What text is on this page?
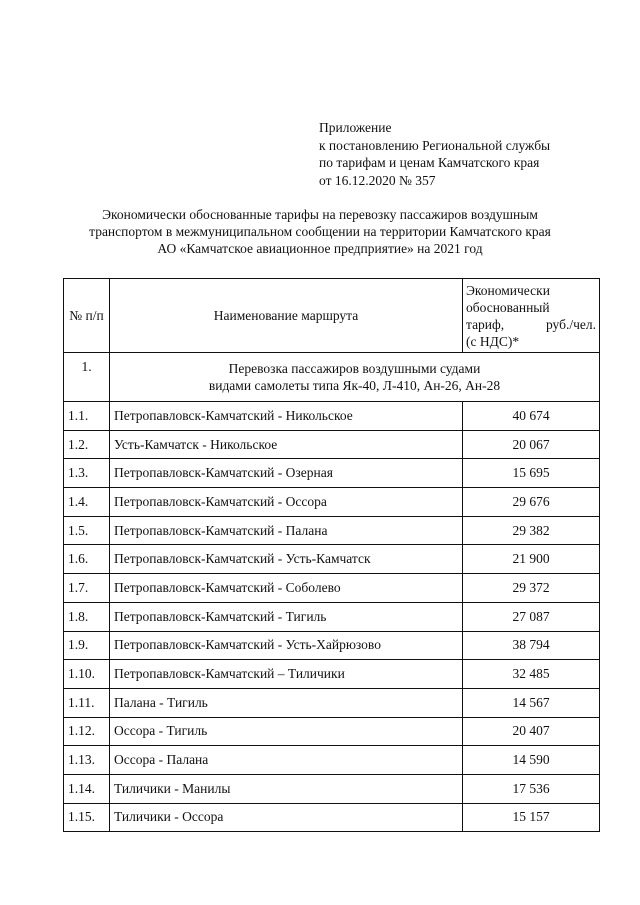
Приложение
к постановлению Региональной службы
по тарифам и ценам Камчатского края
от 16.12.2020 № 357
Экономически обоснованные тарифы на перевозку пассажиров воздушным
транспортом в межмуниципальном сообщении на территории Камчатского края
АО «Камчатское авиационное предприятие» на 2021 год
№ п/п	Наименование маршрута	Экономически
обоснованный
тариф, руб./чел.
(с НДС)*

1.	Перевозка пассажиров воздушными судами
видами самолеты типа Як-40, Л-410, Ан-26, Ан-28	

1.1.	Петропавловск-Камчатский - Никольское	40 674
1.2.	Усть-Камчатск - Никольское	20 067
1.3.	Петропавловск-Камчатский - Озерная	15 695
1.4.	Петропавловск-Камчатский - Оссора	29 676
1.5.	Петропавловск-Камчатский - Палана	29 382
1.6.	Петропавловск-Камчатский - Усть-Камчатск	21 900
1.7.	Петропавловск-Камчатский - Соболево	29 372
1.8.	Петропавловск-Камчатский - Тигиль	27 087
1.9.	Петропавловск-Камчатский - Усть-Хайрюзово	38 794
1.10.	Петропавловск-Камчатский – Тиличики	32 485
1.11.	Палана - Тигиль	14 567
1.12.	Оссора - Тигиль	20 407
1.13.	Оссора - Палана	14 590
1.14.	Тиличики - Манилы	17 536
1.15.	Тиличики - Оссора	15 157
